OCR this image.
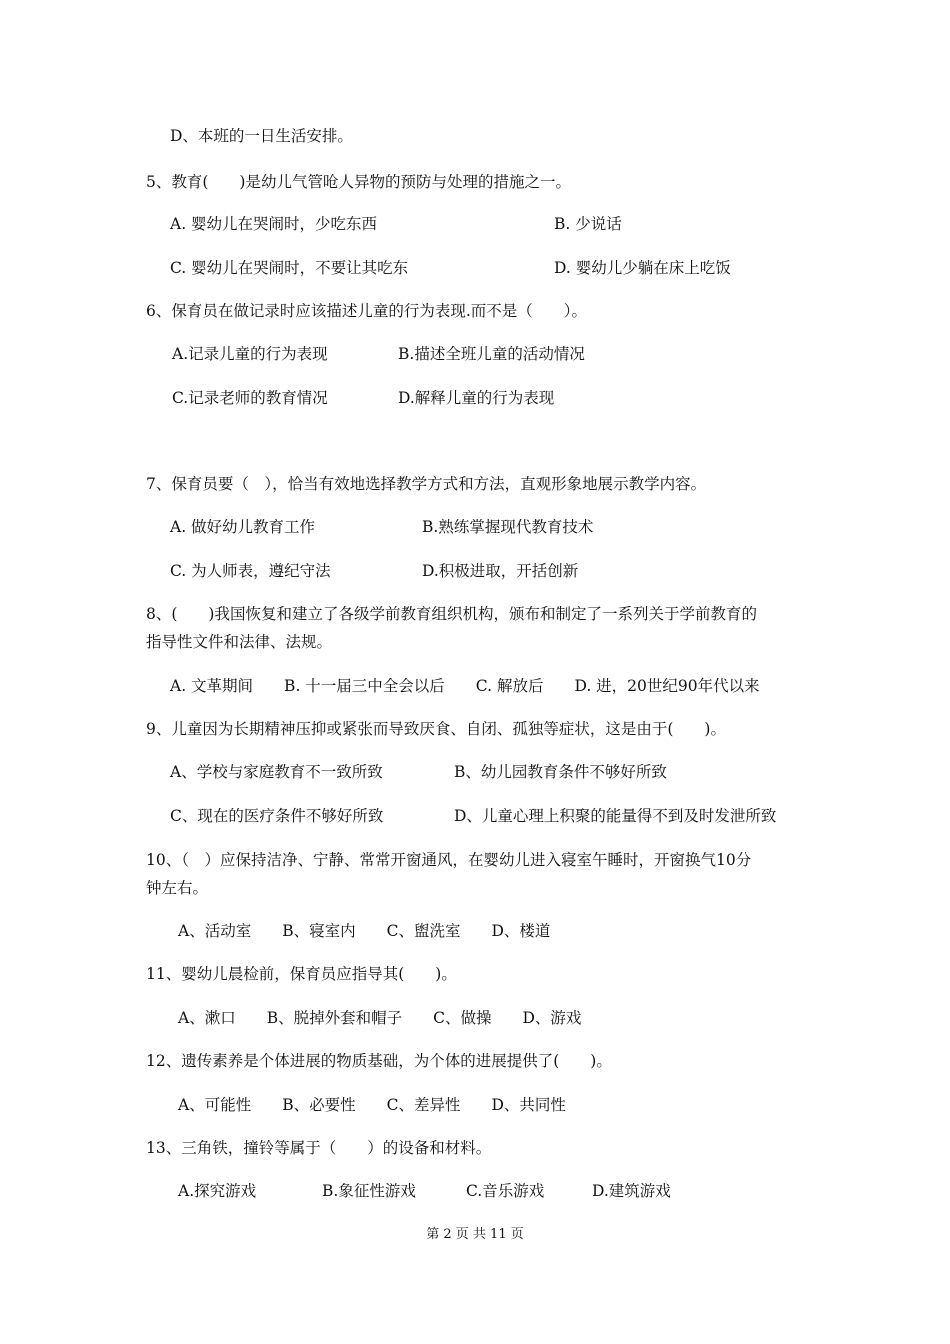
D、本班的一日生活安排。
5、教育(　　)是幼儿气管呛人异物的预防与处理的措施之一。
A. 婴幼儿在哭闹时，少吃东西	B. 少说话
C. 婴幼儿在哭闹时，不要让其吃东	D. 婴幼儿少躺在床上吃饭
6、保育员在做记录时应该描述儿童的行为表现.而不是（　　）。
A.记录儿童的行为表现	B.描述全班儿童的活动情况
C.记录老师的教育情况	D.解释儿童的行为表现
7、保育员要（　），恰当有效地选择教学方式和方法，直观形象地展示教学内容。
A. 做好幼儿教育工作	B.熟练掌握现代教育技术
C. 为人师表，遵纪守法	D.积极进取，开括创新
8、(　　)我国恢复和建立了各级学前教育组织机构，颁布和制定了一系列关于学前教育的
指导性文件和法律、法规。
A. 文革期间　　B. 十一届三中全会以后　　C. 解放后　　D. 进，20世纪90年代以来
9、儿童因为长期精神压抑或紧张而导致厌食、自闭、孤独等症状，这是由于(　　)。
A、学校与家庭教育不一致所致	B、幼儿园教育条件不够好所致
C、现在的医疗条件不够好所致	D、儿童心理上积聚的能量得不到及时发泄所致
10、（　）应保持洁净、宁静、常常开窗通风，在婴幼儿进入寝室午睡时，开窗换气10分
钟左右。
A、活动室　　B、寝室内　　C、盥洗室　　D、楼道
11、婴幼儿晨检前，保育员应指导其(　　)。
A、漱口　　B、脱掉外套和帽子　　C、做操　　D、游戏
12、遗传素养是个体进展的物质基础，为个体的进展提供了(　　)。
A、可能性　　B、必要性　　C、差异性　　D、共同性
13、三角铁，撞铃等属于（　　）的设备和材料。
A.探究游戏	B.象征性游戏	C.音乐游戏	D.建筑游戏
第 2 页 共 11 页
